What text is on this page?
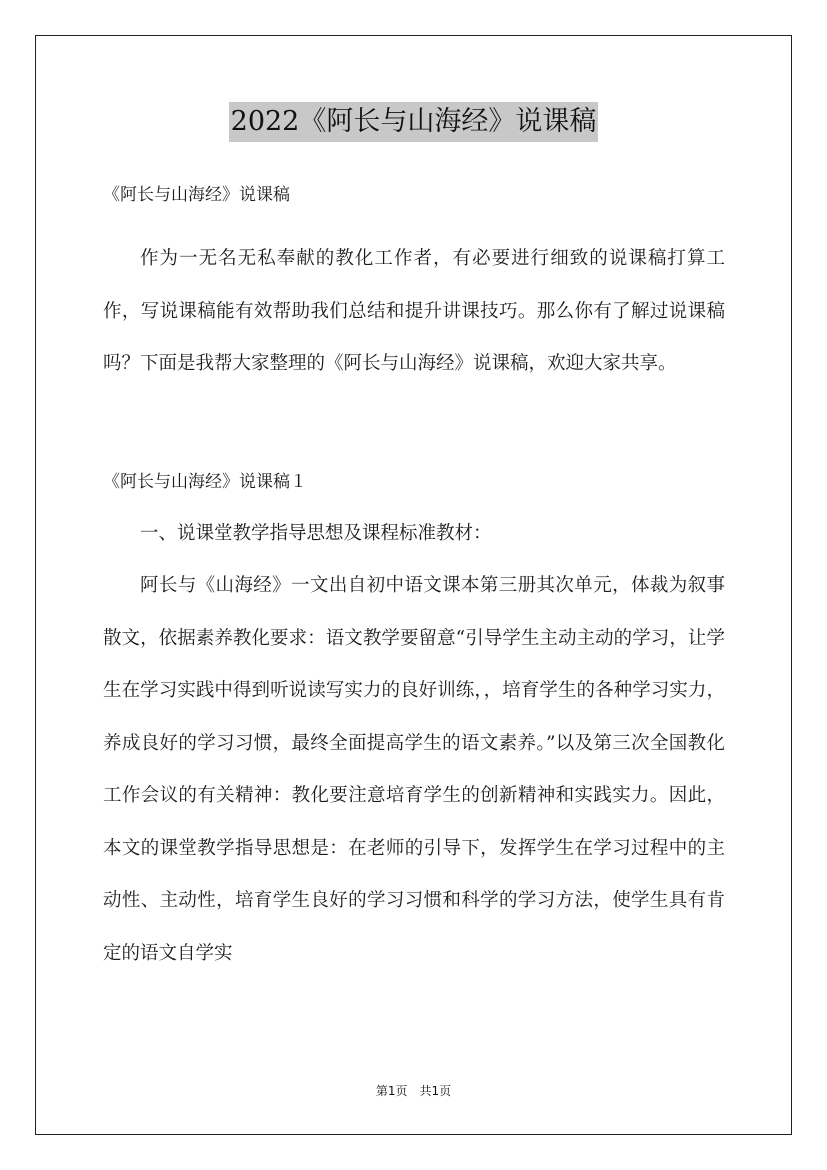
2022《阿长与山海经》说课稿

《阿长与山海经》说课稿

作为一无名无私奉献的教化工作者，有必要进行细致的说课稿打算工作，写说课稿能有效帮助我们总结和提升讲课技巧。那么你有了解过说课稿吗？下面是我帮大家整理的《阿长与山海经》说课稿，欢迎大家共享。

《阿长与山海经》说课稿１

一、说课堂教学指导思想及课程标准教材：

阿长与《山海经》一文出自初中语文课本第三册其次单元，体裁为叙事散文，依据素养教化要求：语文教学要留意“引导学生主动主动的学习，让学生在学习实践中得到听说读写实力的良好训练，，培育学生的各种学习实力，养成良好的学习习惯，最终全面提高学生的语文素养。”以及第三次全国教化工作会议的有关精神：教化要注意培育学生的创新精神和实践实力。因此，本文的课堂教学指导思想是：在老师的引导下，发挥学生在学习过程中的主动性、主动性，培育学生良好的学习习惯和科学的学习方法，使学生具有肯定的语文自学实

第1页　共1页
